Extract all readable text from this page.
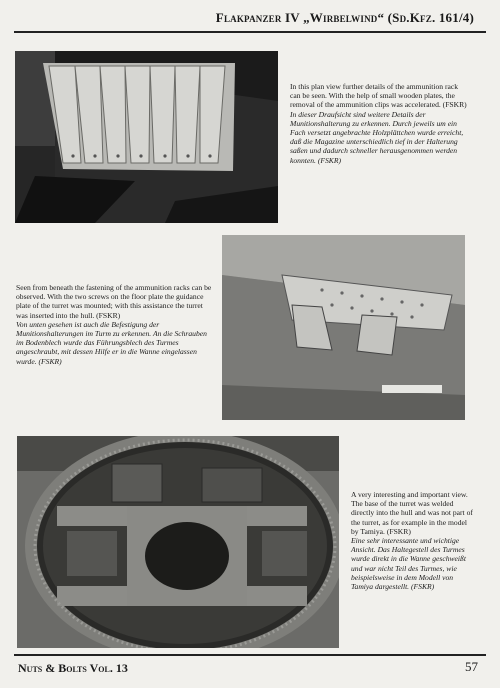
Flakpanzer IV „Wirbelwind“ (Sd.Kfz. 161/4)
In this plan view further details of the ammunition rack can be seen. With the help of small wooden plates, the removal of the ammunition clips was accelerated. (FSKR)
In dieser Draufsicht sind weitere Details der Munitionshalterung zu erkennen. Durch jeweils um ein Fach versetzt angebrachte Holzplättchen wurde erreicht, daß die Magazine unterschiedlich tief in der Halterung saßen und dadurch schneller herausgenommen werden konnten. (FSKR)
Seen from beneath the fastening of the ammunition racks can be observed. With the two screws on the floor plate the guidance plate of the turret was mounted; with this assistance the turret was inserted into the hull. (FSKR)
Von unten gesehen ist auch die Befestigung der Munitionshalterungen im Turm zu erkennen. An die Schrauben im Bodenblech wurde das Führungsblech des Turmes angeschraubt, mit dessen Hilfe er in die Wanne eingelassen wurde. (FSKR)
A very interesting and important view. The base of the turret was welded directly into the hull and was not part of the turret, as for example in the model by Tamiya. (FSKR)
Eine sehr interessante und wichtige Ansicht. Das Haltegestell des Turmes wurde direkt in die Wanne geschweißt und war nicht Teil des Turmes, wie beispielsweise in dem Modell von Tamiya dargestellt. (FSKR)
Nuts & Bolts Vol. 13	57
